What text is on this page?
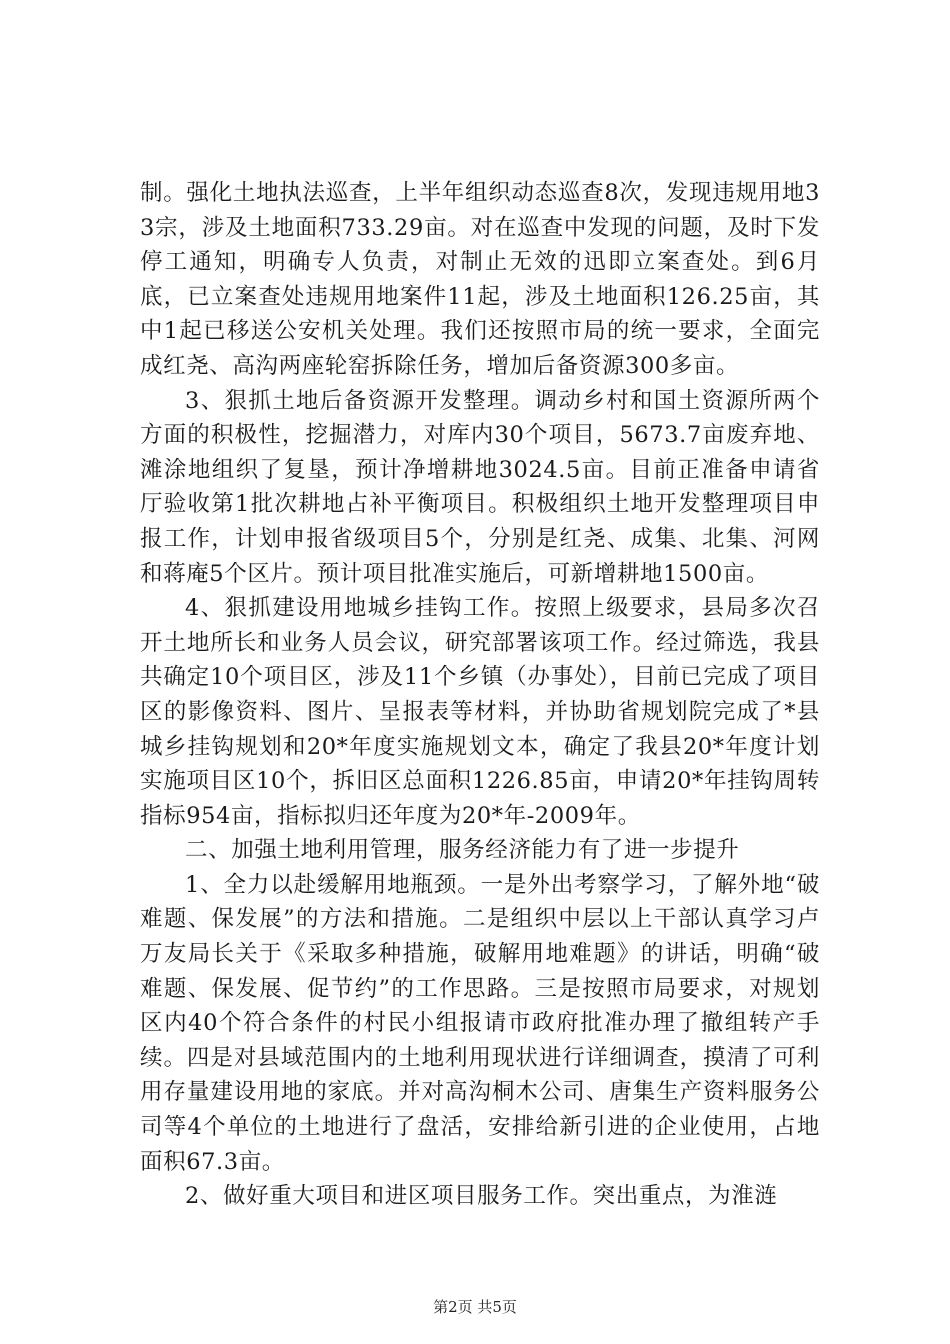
制。强化土地执法巡查，上半年组织动态巡查8次，发现违规用地33宗，涉及土地面积733.29亩。对在巡查中发现的问题，及时下发停工通知，明确专人负责，对制止无效的迅即立案查处。到6月底，已立案查处违规用地案件11起，涉及土地面积126.25亩，其中1起已移送公安机关处理。我们还按照市局的统一要求，全面完成红尧、高沟两座轮窑拆除任务，增加后备资源300多亩。

3、狠抓土地后备资源开发整理。调动乡村和国土资源所两个方面的积极性，挖掘潜力，对库内30个项目，5673.7亩废弃地、滩涂地组织了复垦，预计净增耕地3024.5亩。目前正准备申请省厅验收第1批次耕地占补平衡项目。积极组织土地开发整理项目申报工作，计划申报省级项目5个，分别是红尧、成集、北集、河网和蒋庵5个区片。预计项目批准实施后，可新增耕地1500亩。

4、狠抓建设用地城乡挂钩工作。按照上级要求，县局多次召开土地所长和业务人员会议，研究部署该项工作。经过筛选，我县共确定10个项目区，涉及11个乡镇（办事处），目前已完成了项目区的影像资料、图片、呈报表等材料，并协助省规划院完成了*县城乡挂钩规划和20*年度实施规划文本，确定了我县20*年度计划实施项目区10个，拆旧区总面积1226.85亩，申请20*年挂钩周转指标954亩，指标拟归还年度为20*年-2009年。

二、加强土地利用管理，服务经济能力有了进一步提升

1、全力以赴缓解用地瓶颈。一是外出考察学习，了解外地“破难题、保发展”的方法和措施。二是组织中层以上干部认真学习卢万友局长关于《采取多种措施，破解用地难题》的讲话，明确“破难题、保发展、促节约”的工作思路。三是按照市局要求，对规划区内40个符合条件的村民小组报请市政府批准办理了撤组转产手续。四是对县域范围内的土地利用现状进行详细调查，摸清了可利用存量建设用地的家底。并对高沟桐木公司、唐集生产资料服务公司等4个单位的土地进行了盘活，安排给新引进的企业使用，占地面积67.3亩。

2、做好重大项目和进区项目服务工作。突出重点，为淮涟

第2页 共5页
